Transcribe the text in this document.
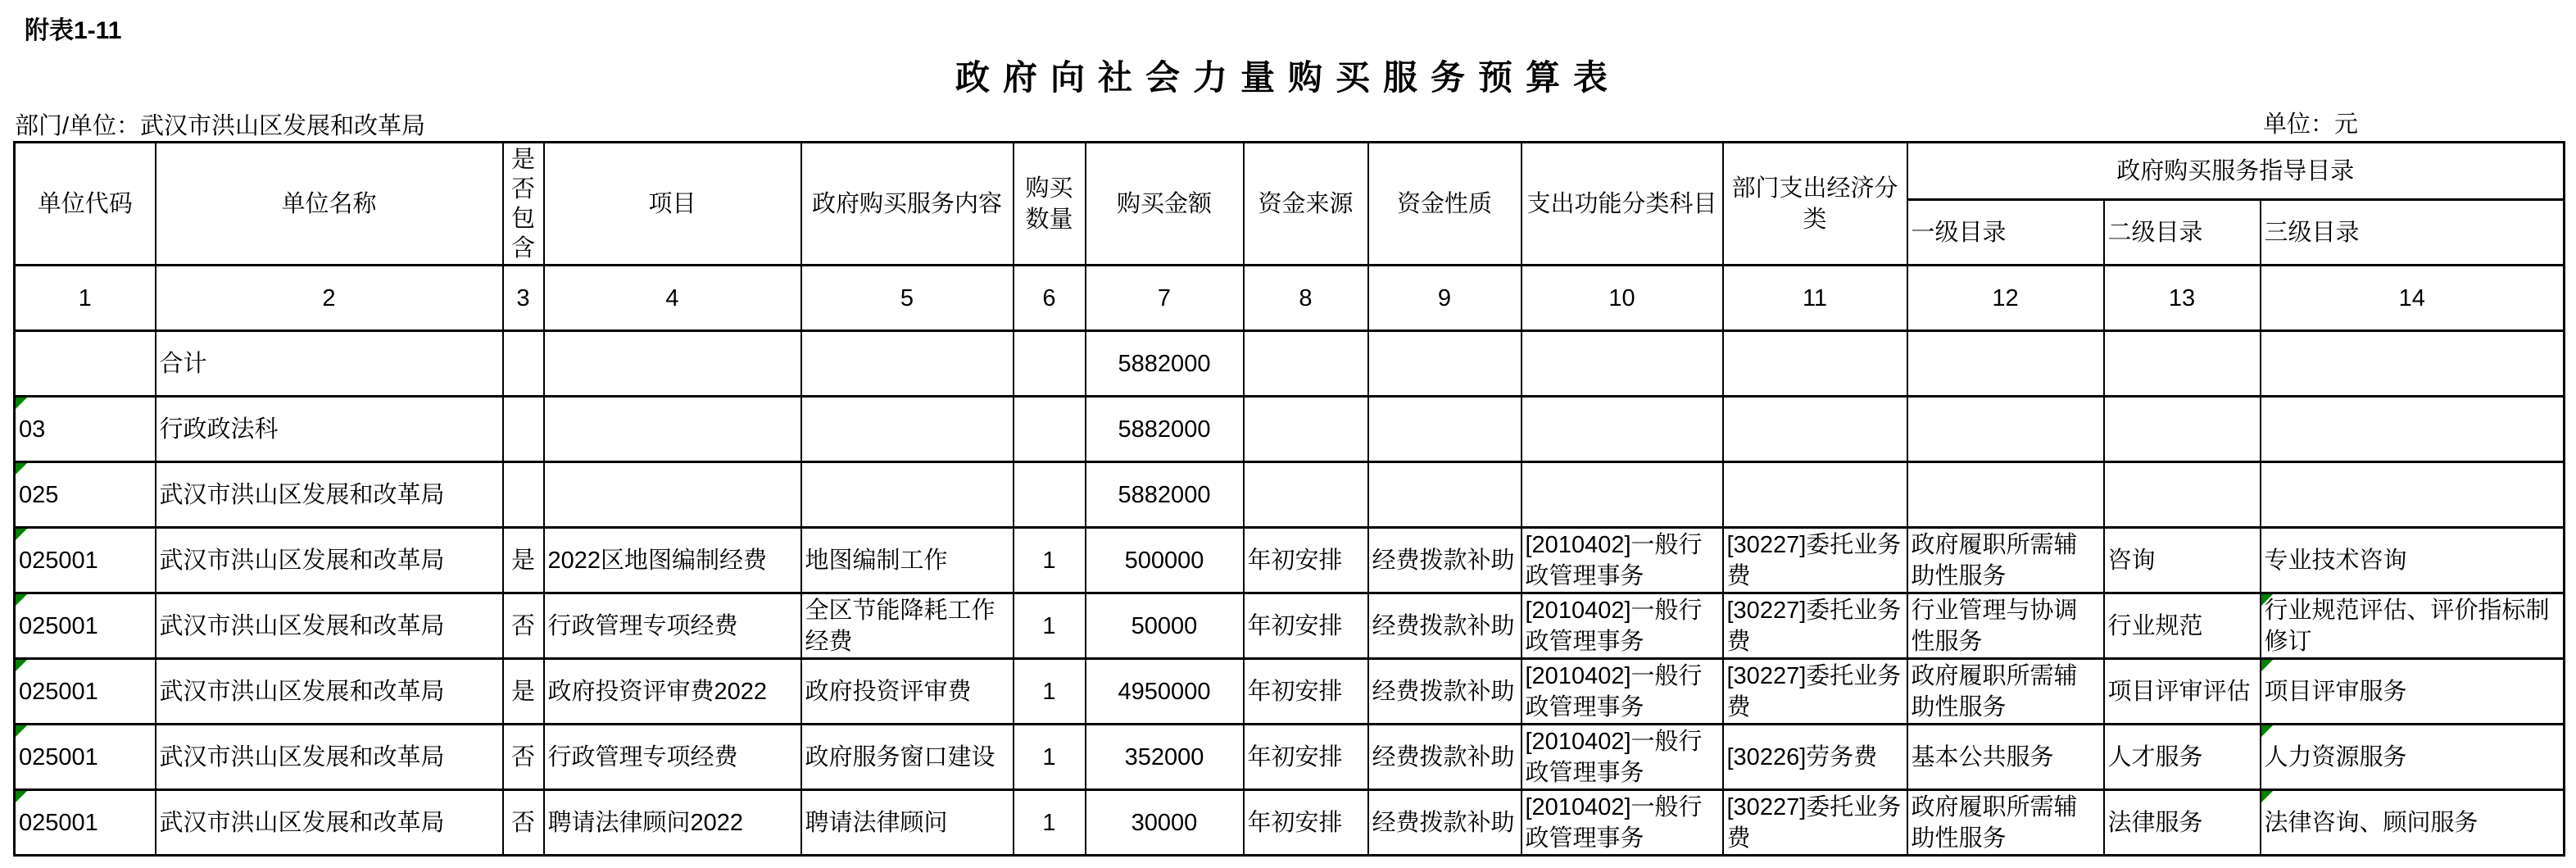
附表1-11
政府向社会力量购买服务预算表
部门/单位：武汉市洪山区发展和改革局	单位：元
单位代码	单位名称	是否包含	项目	政府购买服务内容	购买数量	购买金额	资金来源	资金性质	支出功能分类科目	部门支出经济分类	政府购买服务指导目录		
											一级目录	二级目录	三级目录
1	2	3	4	5	6	7	8	9	10	11	12	13	14
	合计					5882000							
03	行政政法科					5882000							
025	武汉市洪山区发展和改革局					5882000							
025001	武汉市洪山区发展和改革局	是	2022区地图编制经费	地图编制工作	1	500000	年初安排	经费拨款补助	[2010402]一般行政管理事务	[30227]委托业务费	政府履职所需辅助性服务	咨询	专业技术咨询
025001	武汉市洪山区发展和改革局	否	行政管理专项经费	全区节能降耗工作经费	1	50000	年初安排	经费拨款补助	[2010402]一般行政管理事务	[30227]委托业务费	行业管理与协调性服务	行业规范	行业规范评估、评价指标制修订
025001	武汉市洪山区发展和改革局	是	政府投资评审费2022	政府投资评审费	1	4950000	年初安排	经费拨款补助	[2010402]一般行政管理事务	[30227]委托业务费	政府履职所需辅助性服务	项目评审评估	项目评审服务
025001	武汉市洪山区发展和改革局	否	行政管理专项经费	政府服务窗口建设	1	352000	年初安排	经费拨款补助	[2010402]一般行政管理事务	[30226]劳务费	基本公共服务	人才服务	人力资源服务
025001	武汉市洪山区发展和改革局	否	聘请法律顾问2022	聘请法律顾问	1	30000	年初安排	经费拨款补助	[2010402]一般行政管理事务	[30227]委托业务费	政府履职所需辅助性服务	法律服务	法律咨询、顾问服务
